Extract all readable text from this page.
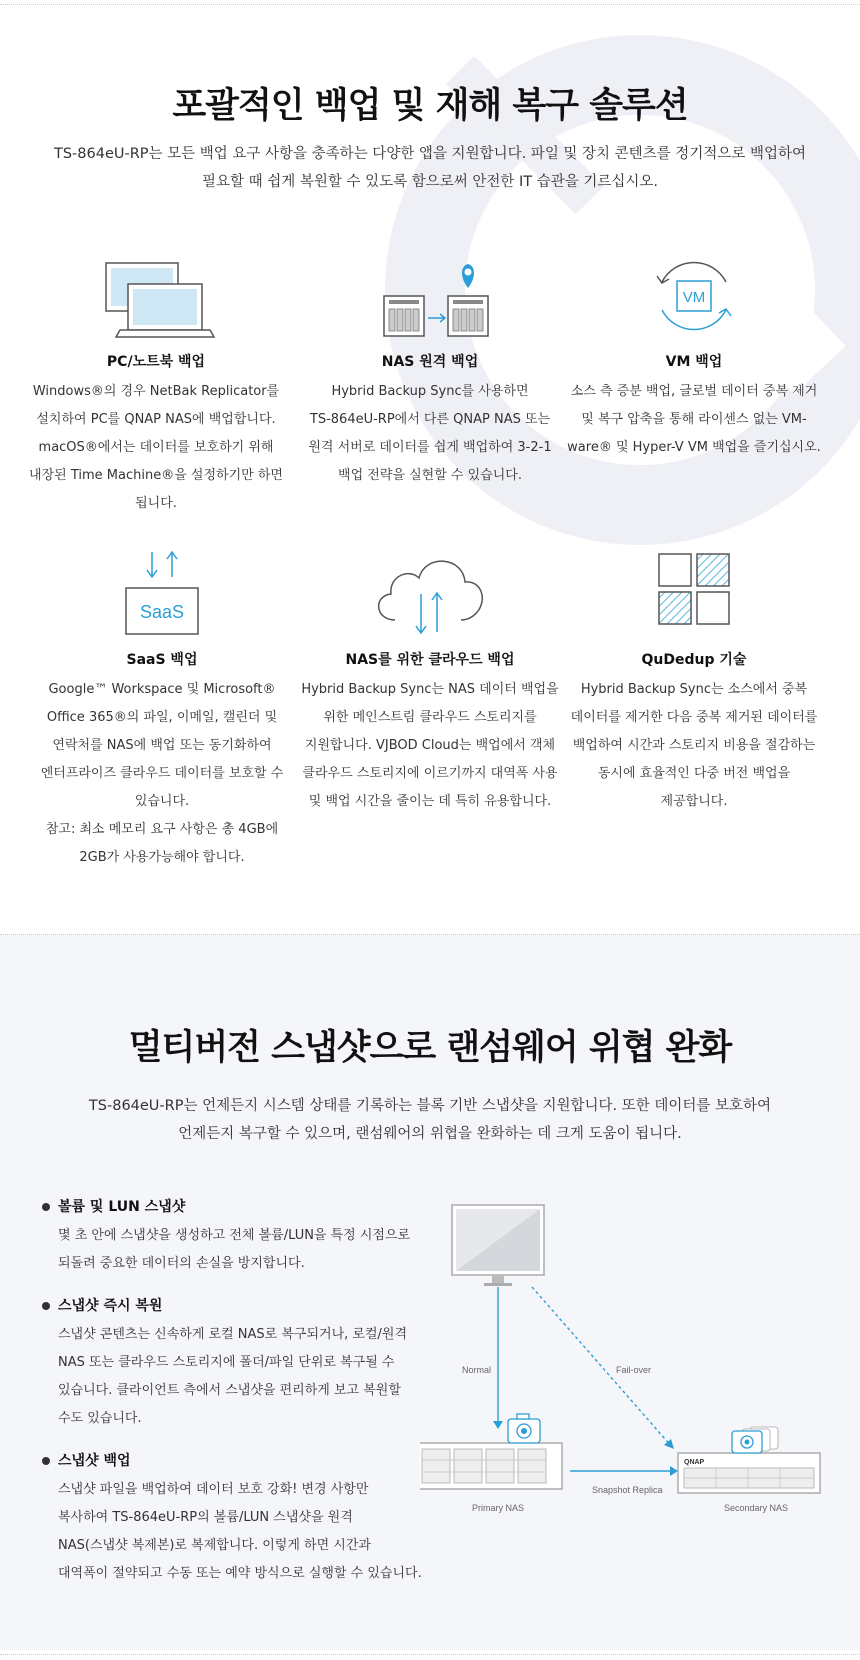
포괄적인 백업 및 재해 복구 솔루션

TS-864eU-RP는 모든 백업 요구 사항을 충족하는 다양한 앱을 지원합니다. 파일 및 장치 콘텐츠를 정기적으로 백업하여
필요할 때 쉽게 복원할 수 있도록 함으로써 안전한 IT 습관을 기르십시오.

PC/노트북 백업
Windows®의 경우 NetBak Replicator를
설치하여 PC를 QNAP NAS에 백업합니다.
macOS®에서는 데이터를 보호하기 위해
내장된 Time Machine®을 설정하기만 하면
됩니다.
NAS 원격 백업
Hybrid Backup Sync를 사용하면
TS-864eU-RP에서 다른 QNAP NAS 또는
원격 서버로 데이터를 쉽게 백업하여 3-2-1
백업 전략을 실현할 수 있습니다.
VM
VM 백업
소스 측 증분 백업, 글로벌 데이터 중복 제거
및 복구 압축을 통해 라이센스 없는 VM-
ware® 및 Hyper-V VM 백업을 즐기십시오.
SaaS
SaaS 백업
Google™ Workspace 및 Microsoft®
Office 365®의 파일, 이메일, 캘린더 및
연락처를 NAS에 백업 또는 동기화하여
엔터프라이즈 클라우드 데이터를 보호할 수
있습니다.
참고: 최소 메모리 요구 사항은 총 4GB에
2GB가 사용가능해야 합니다.
NAS를 위한 클라우드 백업
Hybrid Backup Sync는 NAS 데이터 백업을
위한 메인스트림 클라우드 스토리지를
지원합니다. VJBOD Cloud는 백업에서 객체
클라우드 스토리지에 이르기까지 대역폭 사용
및 백업 시간을 줄이는 데 특히 유용합니다.
QuDedup 기술
Hybrid Backup Sync는 소스에서 중복
데이터를 제거한 다음 중복 제거된 데이터를
백업하여 시간과 스토리지 비용을 절감하는
동시에 효율적인 다중 버전 백업을
제공합니다.
멀티버전 스냅샷으로 랜섬웨어 위협 완화

TS-864eU-RP는 언제든지 시스템 상태를 기록하는 블록 기반 스냅샷을 지원합니다. 또한 데이터를 보호하여
언제든지 복구할 수 있으며, 랜섬웨어의 위협을 완화하는 데 크게 도움이 됩니다.

볼륨 및 LUN 스냅샷
몇 초 안에 스냅샷을 생성하고 전체 볼륨/LUN을 특정 시점으로
되돌려 중요한 데이터의 손실을 방지합니다.
스냅샷 즉시 복원
스냅샷 콘텐츠는 신속하게 로컬 NAS로 복구되거나, 로컬/원격
NAS 또는 클라우드 스토리지에 폴더/파일 단위로 복구될 수
있습니다. 클라이언트 측에서 스냅샷을 편리하게 보고 복원할
수도 있습니다.
스냅샷 백업
스냅샷 파일을 백업하여 데이터 보호 강화! 변경 사항만
복사하여 TS-864eU-RP의 볼륨/LUN 스냅샷을 원격
NAS(스냅샷 복제본)로 복제합니다. 이렇게 하면 시간과
대역폭이 절약되고 수동 또는 예약 방식으로 실행할 수 있습니다.
QNAP
Normal	Fail-over
Snapshot Replica
Primary NAS	Secondary NAS
